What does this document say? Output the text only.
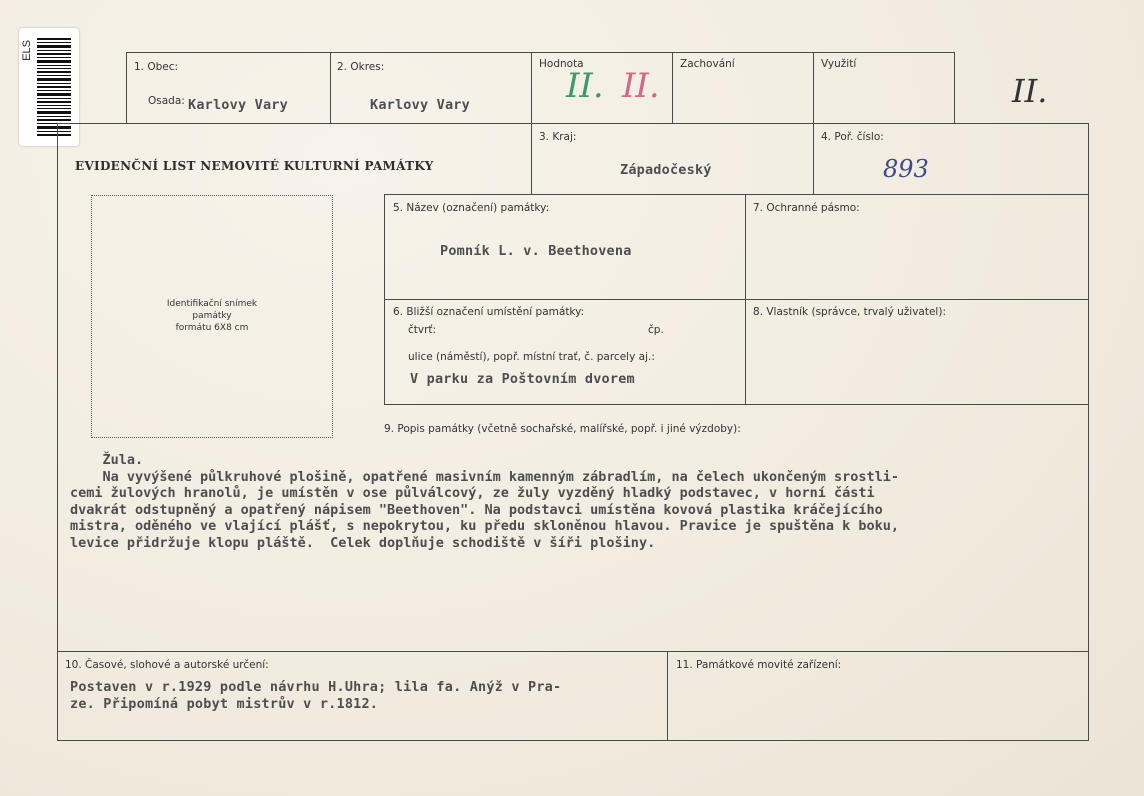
ELS
1. Obec:
Osada: Karlovy Vary
2. Okres:
Karlovy Vary
Hodnota
II. II.
Zachování	Využití
II.
EVIDENČNÍ LIST NEMOVITÉ KULTURNÍ PAMÁTKY
3. Kraj:
Západočeský
4. Poř. číslo:
893
Identifikační snímek
památky
formátu 6X8 cm
5. Název (označení) památky:
Pomník L. v. Beethovena
7. Ochranné pásmo:
6. Bližší označení umístění památky:
čtvrť:	čp.
ulice (náměstí), popř. místní trať, č. parcely aj.:
V parku za Poštovním dvorem
8. Vlastník (správce, trvalý uživatel):
9. Popis památky (včetně sochařské, malířské, popř. i jiné výzdoby):
Žula.
Na vyvýšené půlkruhové plošině, opatřené masivním kamenným zábradlím, na čelech ukončeným srostli-
cemi žulových hranolů, je umístěn v ose půlválcový, ze žuly vyzděný hladký podstavec, v horní části
dvakrát odstupněný a opatřený nápisem "Beethoven". Na podstavci umístěna kovová plastika kráčejícího
mistra, oděného ve vlající plášť, s nepokrytou, ku předu skloněnou hlavou. Pravice je spuštěna k boku,
levice přidržuje klopu pláště.  Celek doplňuje schodiště v šíři plošiny.
10. Časové, slohové a autorské určení:
Postaven v r.1929 podle návrhu H.Uhra; lila fa. Anýž v Pra-
ze. Připomíná pobyt mistrův v r.1812.
11. Památkové movité zařízení:
